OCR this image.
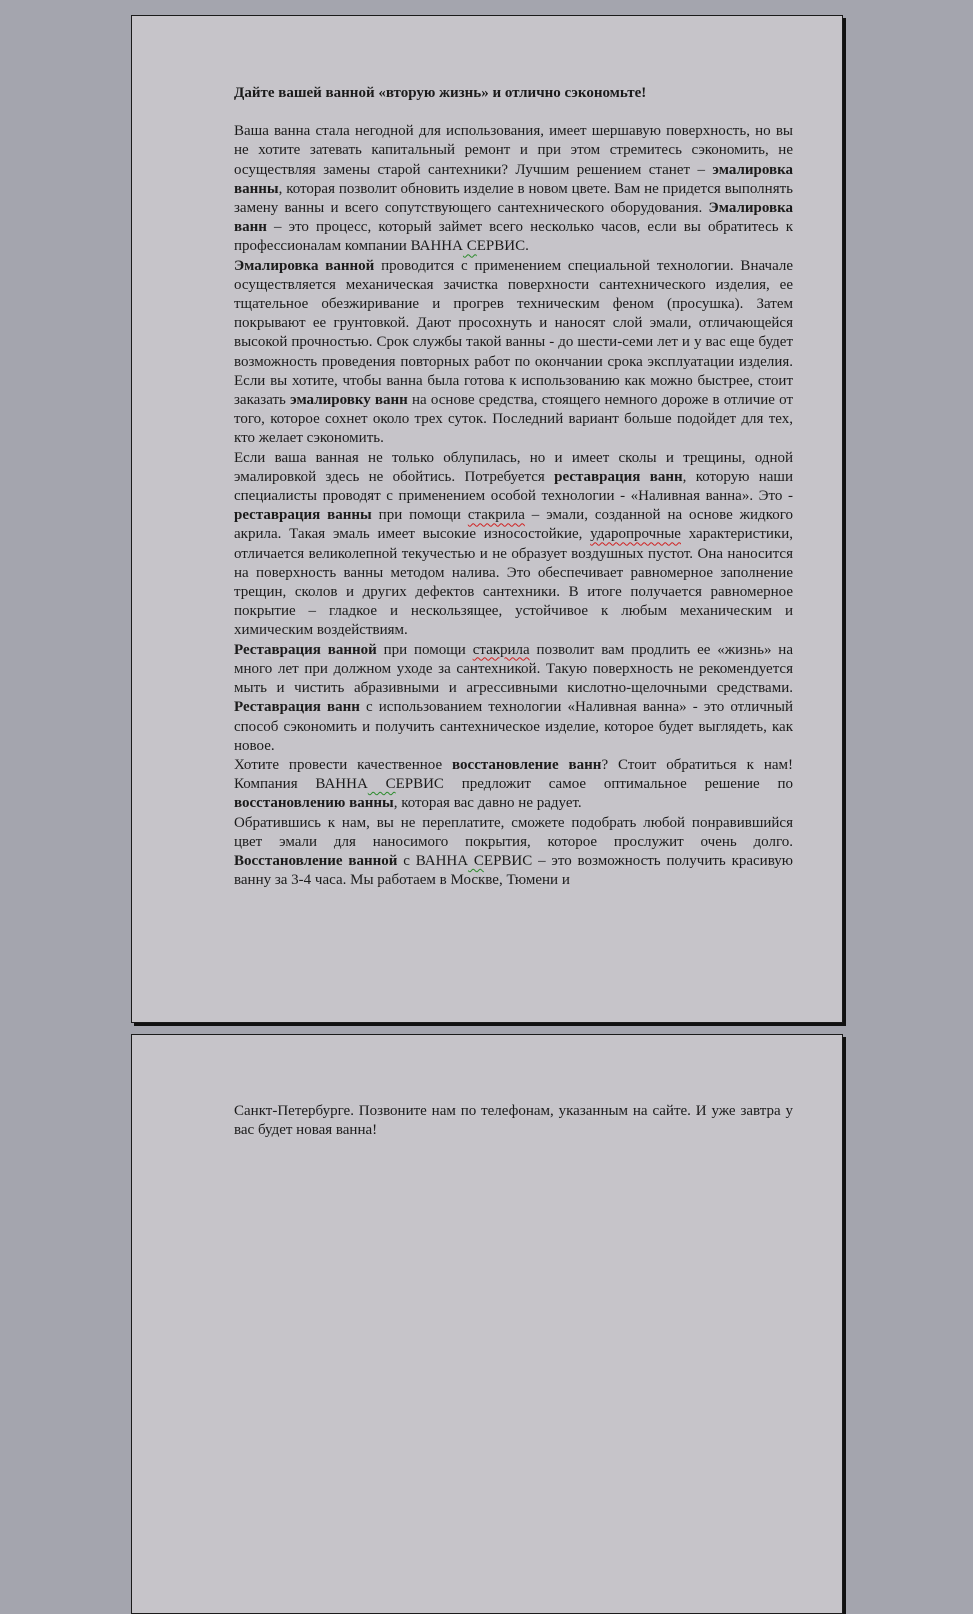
Дайте вашей ванной «вторую жизнь» и отлично сэкономьте!

Ваша ванна стала негодной для использования, имеет шершавую поверхность, но вы не хотите затевать капитальный ремонт и при этом стремитесь сэкономить, не осуществляя замены старой сантехники? Лучшим решением станет – эмалировка ванны, которая позволит обновить изделие в новом цвете. Вам не придется выполнять замену ванны и всего сопутствующего сантехнического оборудования. Эмалировка ванн – это процесс, который займет всего несколько часов, если вы обратитесь к профессионалам компании ВАННА СЕРВИС.

Эмалировка ванной проводится с применением специальной технологии. Вначале осуществляется механическая зачистка поверхности сантехнического изделия, ее тщательное обезжиривание и прогрев техническим феном (просушка). Затем покрывают ее грунтовкой. Дают просохнуть и наносят слой эмали, отличающейся высокой прочностью. Срок службы такой ванны - до шести-семи лет и у вас еще будет возможность проведения повторных работ по окончании срока эксплуатации изделия. Если вы хотите, чтобы ванна была готова к использованию как можно быстрее, стоит заказать эмалировку ванн на основе средства, стоящего немного дороже в отличие от того, которое сохнет около трех суток. Последний вариант больше подойдет для тех, кто желает сэкономить.

Если ваша ванная не только облупилась, но и имеет сколы и трещины, одной эмалировкой здесь не обойтись. Потребуется реставрация ванн, которую наши специалисты проводят с применением особой технологии - «Наливная ванна». Это - реставрация ванны при помощи стакрила – эмали, созданной на основе жидкого акрила. Такая эмаль имеет высокие износостойкие, ударопрочные характеристики, отличается великолепной текучестью и не образует воздушных пустот. Она наносится на поверхность ванны методом налива. Это обеспечивает равномерное заполнение трещин, сколов и других дефектов сантехники. В итоге получается равномерное покрытие – гладкое и нескользящее, устойчивое к любым механическим и химическим воздействиям.

Реставрация ванной при помощи стакрила позволит вам продлить ее «жизнь» на много лет при должном уходе за сантехникой. Такую поверхность не рекомендуется мыть и чистить абразивными и агрессивными кислотно-щелочными средствами. Реставрация ванн с использованием технологии «Наливная ванна» - это отличный способ сэкономить и получить сантехническое изделие, которое будет выглядеть, как новое.

Хотите провести качественное восстановление ванн? Стоит обратиться к нам! Компания ВАННА СЕРВИС предложит самое оптимальное решение по восстановлению ванны, которая вас давно не радует.

Обратившись к нам, вы не переплатите, сможете подобрать любой понравившийся цвет эмали для наносимого покрытия, которое прослужит очень долго. Восстановление ванной с ВАННА СЕРВИС – это возможность получить красивую ванну за 3-4 часа. Мы работаем в Москве, Тюмени и

Санкт-Петербурге. Позвоните нам по телефонам, указанным на сайте. И уже завтра у вас будет новая ванна!
